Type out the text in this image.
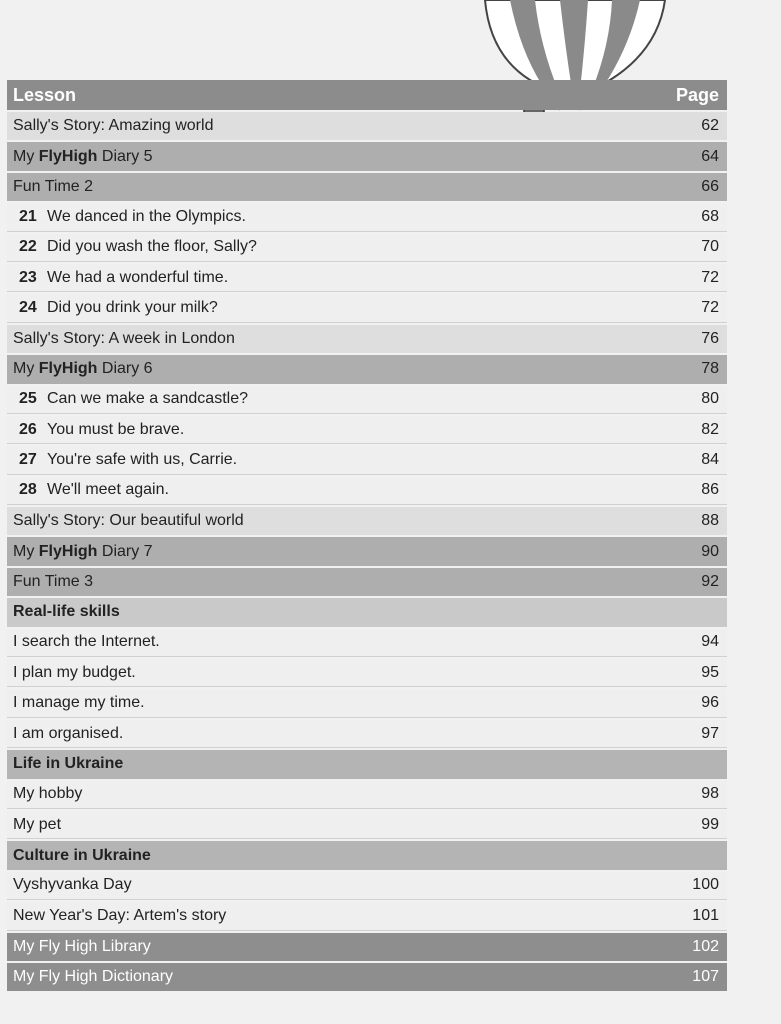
Lesson	Page
Sally's Story: Amazing world	62
My FlyHigh Diary 5	64
Fun Time 2	66
21 We danced in the Olympics.	68
22 Did you wash the floor, Sally?	70
23 We had a wonderful time.	72
24 Did you drink your milk?	72
Sally's Story: A week in London	76
My FlyHigh Diary 6	78
25 Can we make a sandcastle?	80
26 You must be brave.	82
27 You're safe with us, Carrie.	84
28 We'll meet again.	86
Sally's Story: Our beautiful world	88
My FlyHigh Diary 7	90
Fun Time 3	92
Real-life skills
I search the Internet.	94
I plan my budget.	95
I manage my time.	96
I am organised.	97
Life in Ukraine
My hobby	98
My pet	99
Culture in Ukraine
Vyshyvanka Day	100
New Year's Day: Artem's story	101
My Fly High Library	102
My Fly High Dictionary	107
